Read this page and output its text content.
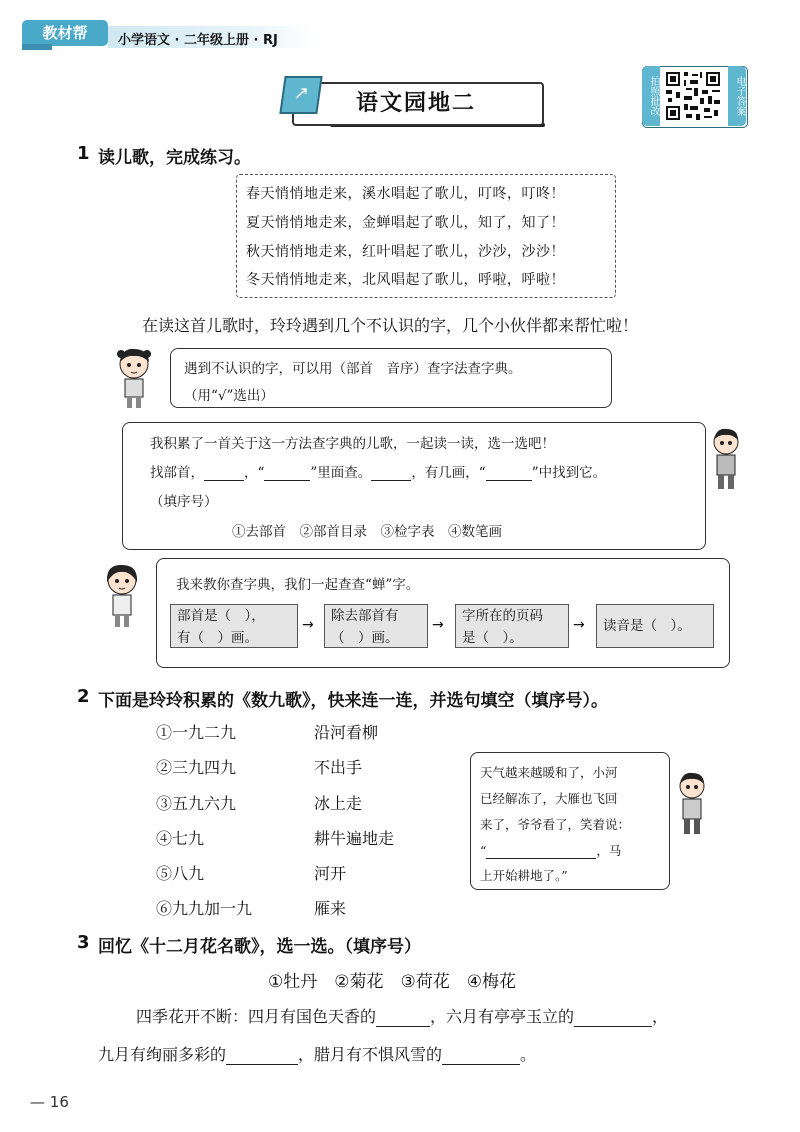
教材帮	小学语文 · 二年级上册 · RJ
↗	语文园地二	拍照批改	电子答案
1 读儿歌，完成练习。
春天悄悄地走来，溪水唱起了歌儿，叮咚，叮咚！
夏天悄悄地走来，金蝉唱起了歌儿，知了，知了！
秋天悄悄地走来，红叶唱起了歌儿，沙沙，沙沙！
冬天悄悄地走来，北风唱起了歌儿，呼啦，呼啦！
在读这首儿歌时，玲玲遇到几个不认识的字，几个小伙伴都来帮忙啦！
遇到不认识的字，可以用（部首　音序）查字法查字典。
（用“√”选出）
我积累了一首关于这一方法查字典的儿歌，一起读一读，选一选吧！
找部首，	，“	”里面查。	，有几画，“	”中找到它。
（填序号）
①去部首　②部首目录　③检字表　④数笔画
我来教你查字典，我们一起查查“蝉”字。
部首是（　），
有（　）画。
→
除去部首有
（　）画。
→
字所在的页码
是（　）。
→ 读音是（　）。
2 下面是玲玲积累的《数九歌》，快来连一连，并选句填空（填序号）。
①一九二九
②三九四九
③五九六九
④七九
⑤八九
⑥九九加一九
沿河看柳
不出手
冰上走
耕牛遍地走
河开
雁来
天气越来越暖和了，小河
已经解冻了，大雁也飞回
来了，爷爷看了，笑着说：
“	，马
上开始耕地了。”
3 回忆《十二月花名歌》，选一选。（填序号）
①牡丹　②菊花　③荷花　④梅花
四季花开不断：四月有国色天香的	，六月有亭亭玉立的	，
九月有绚丽多彩的	，腊月有不惧风雪的	。
— 16
